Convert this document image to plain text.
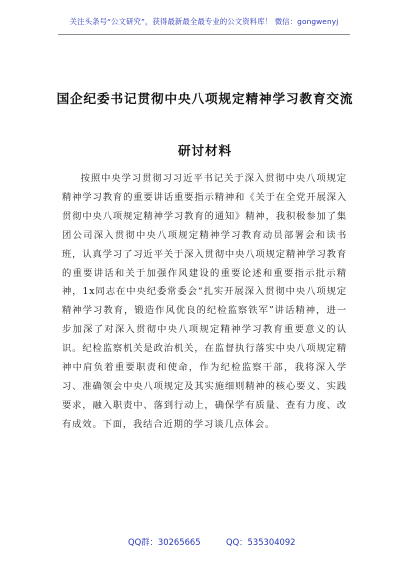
关注头条号“公文研究”，获得最新最全最专业的公文资料库！ 微信：gongwenyj
国企纪委书记贯彻中央八项规定精神学习教育交流研讨材料

按照中央学习贯彻习习近平书记关于深入贯彻中央八项规定精神学习教育的重要讲话重要指示精神和《关于在全党开展深入贯彻中央八项规定精神学习教育的通知》精神，我积极参加了集团公司深入贯彻中央八项规定精神学习教育动员部署会和读书班，认真学习了习近平关于深入贯彻中央八项规定精神学习教育的重要讲话和关于加强作风建设的重要论述和重要指示批示精神，1x同志在中央纪委常委会“扎实开展深入贯彻中央八项规定精神学习教育，锻造作风优良的纪检监察铁军”讲话精神，进一步加深了对深入贯彻中央八项规定精神学习教育重要意义的认识。纪检监察机关是政治机关，在监督执行落实中央八项规定精神中肩负着重要职责和使命，作为纪检监察干部，我将深入学习、准确领会中央八项规定及其实施细则精神的核心要义、实践要求，融入职责中、落到行动上，确保学有质量、查有力度、改有成效。下面，我结合近期的学习谈几点体会。

QQ群：30265665	QQ：535304092
